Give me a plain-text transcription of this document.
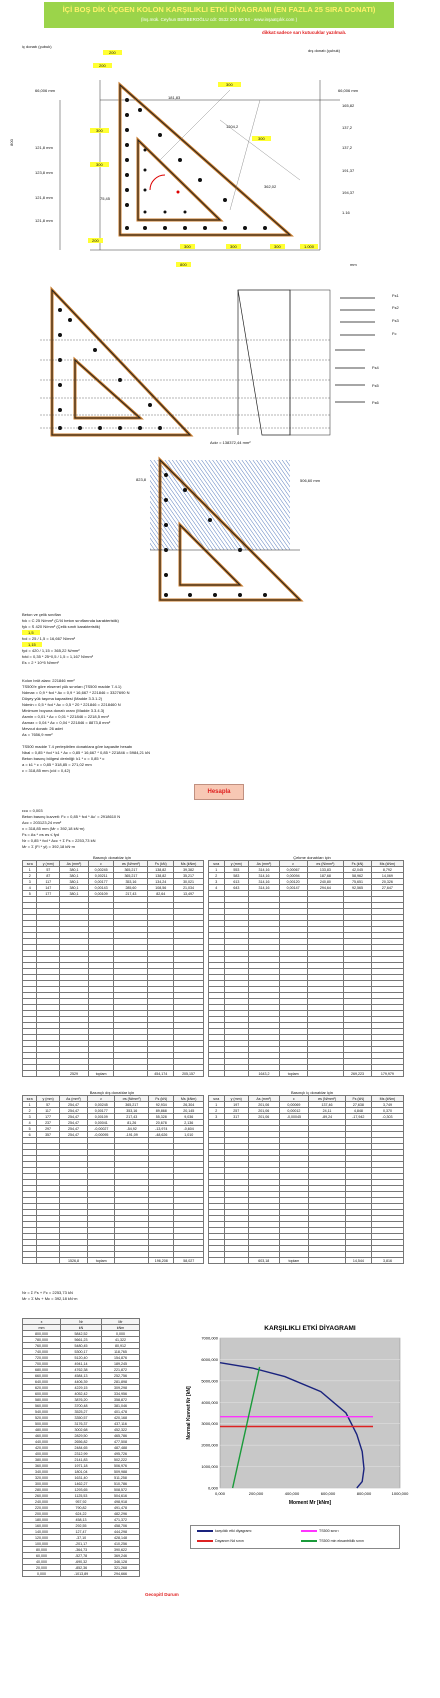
İÇİ BOŞ DİK ÜÇGEN KOLON KARŞILIKLI ETKİ DİYAGRAMI (EN FAZLA 25 SIRA DONATI)
(İnş.mük. Ceyhun BERBEROĞLU cdr: 0532 204 60 54 - www.inşaatçılık.com )
dikkat:sadece sarı kutucuklar yazılmalı.
iç donatı (çubuk)
dış donatı (çubuk)
200
200
300
300
300
300
200
300	300	300	1.000
800
800
1204,2
362,02
181,83
75,45
mm
66,006 mm
121,8 mm
123,8 mm
121,8 mm
121,8 mm
66,006 mm
165,82
137,2
137,2
191,37
194,37
1.16
Fs1
Fs2
Fs3
Fc
Fs4
Fs5
Fs6
Ackr = 138372,44 mm²
506,60 mm
823,8
Beton ve çelik sınıfları
fck = C 25 N/mm² (C/I4 beton sınıflarında karakteristik)
fyk = S 420 N/mm² (Çelik sınıfı karakteristik)
1,5
fcd = 25 / 1,5 = 16,667 N/mm²
1,15
fyd = 420 / 1,15 = 365,22 N/mm²
fctd = 0,35 * 25^0,5 / 1,5 = 1,167 N/mm²
Es = 2 * 10^5 N/mm²
Kolon brüt alanı: 221846 mm²
TS500'e göre eksenel yük sınırları (TS500 madde 7.4.1)
Ndmax = 0,9 * fcd * Ac = 0,9 * 16,667 * 221846 = 3327690 N
Düşey yük taşıma kapasitesi (Madde 3.3.1.2)
Ndmin = 0,5 * fcd * Ac = 0,5 * 20 * 221846 = 2218460 N
Minimum boyuna donatı oranı (Madde 3.3.4.3)
Asmin = 0,01 * Ac = 0,01 * 221846 = 2218,5 mm²
Asmax = 0,04 * Ac = 0,04 * 221846 = 8873,8 mm²
Mevcut donatı: 26 adet
As = 7656,9 mm²
TS500 madde 7.4 yerleştirilen donatılara göre kapasite hesabı
Nbal = 0,85 * fcd * k1 * Ac = 0,85 * 16,667 * 0,85 * 221846 = 5984,21 kN
Beton basınç bölgesi derinliği: k1 * c = 0,85 * c
a = k1 * c = 0,85 * 318,85 = 271,02 mm
c = 318,85 mm (c/d = 0,42)
Hesapla
εcu = 0,003
Beton basınç kuvveti: Fc = 0,85 * fcd * Ac' = 2918610 N
Acc = 203123,24 mm²
x = 318,85 mm (Mr = 392,18 kN·m)
Fs = As * σs σs ≤ fyd
Nr = 0,85 * fcd * Acc + Σ Fs = 2253,73 kN
Mr = Σ (Fi * yi) = 392,18 kN·m
Basınçlı donatılar için	Çekme donatıları için
sıra	y (mm)	As (mm²)	ε	σs (N/mm²)	Fs (kN)	Ms (kNm)
1	57	380,1	0,00245	365,217	138,82	39,382
2	87	380,1	0,00211	365,217	138,82	35,217
3	117	380,1	0,00177	353,16	134,24	30,021
4	147	380,1	0,00143	285,60	108,56	21,034
5	177	380,1	0,00109	217,43	82,64	13,497

		2529	toplam		454,174	205,157
sıra	y (mm)	As (mm²)	ε	σs (N/mm²)	Fs (kN)	Ms (kNm)
1	553	314,16	0,00067	133,83	42,045	8,792
2	583	314,16	0,00094	187,68	58,962	14,069
3	613	314,16	0,00120	240,80	75,651	20,326
4	643	314,16	0,00147	294,64	92,565	27,647

		1643,2	toplam		269,223	179,979
Basınçlı dış donatılar için	Basınçlı iç donatılar için
sıra	y (mm)	As (mm²)	ε	σs (N/mm²)	Fs (kN)	Ms (kNm)
1	57	254,47	0,00245	365,217	92,934	26,304
2	117	254,47	0,00177	353,16	89,868	20,145
3	177	254,47	0,00109	217,43	55,328	9,036
4	237	254,47	0,00041	81,26	20,678	2,136
5	297	254,47	-0,00027	-54,92	-13,974	-0,604
6	357	254,47	-0,00095	-191,09	-48,626	1,010

		1526,8	toplam		196,208	58,027
sıra	y (mm)	As (mm²)	ε	σs (N/mm²)	Fs (kN)	Ms (kNm)
1	197	201,06	0,00069	137,46	27,638	3,749
2	257	201,06	0,00012	24,11	4,848	0,370
3	317	201,06	-0,00045	-89,24	-17,942	-0,303

		603,18	toplam		14,544	3,816
Nr = Σ Fs + Fc = 2253,73 kN
Mr = Σ Ms + Mc = 392,18 kN·m
x	Nr	Mr
mm	kN	kNm
800,000	5842,52	0,000
780,000	5661,23	41,322
760,000	5480,45	80,912
740,000	5300,17	118,765
720,000	5120,40	154,876
700,000	4941,14	189,245
680,000	4762,38	221,872
660,000	4584,13	252,756
640,000	4406,39	281,898
620,000	4229,15	309,298
600,000	4052,42	334,956
580,000	3876,20	358,872
560,000	3700,48	381,046
540,000	3525,27	401,478
520,000	3350,57	420,168
500,000	3176,37	437,116
480,000	3002,68	452,322
460,000	2829,50	465,786
440,000	2656,82	477,508
420,000	2484,65	487,488
400,000	2312,99	495,726
380,000	2141,83	502,222
360,000	1971,18	506,976
340,000	1801,04	509,988
320,000	1631,40	511,258
300,000	1462,27	510,786
280,000	1293,65	508,572
260,000	1125,53	504,616
240,000	957,92	498,918
220,000	790,82	491,478
200,000	624,22	482,296
180,000	458,13	471,372
160,000	292,55	458,706
140,000	127,47	444,298
120,000	-37,10	428,148
100,000	-201,17	410,256
80,000	-364,73	390,622
60,000	-527,78	369,246
40,000	-690,32	346,128
20,000	-852,36	321,268
0,000	-1013,89	294,666
Gecopitl Durum
KARŞILIKLI ETKİ DİYAGRAMI
0,000
1000,000
2000,000
3000,000
4000,000
5000,000
6000,000
7000,000
0,000	200,000	400,000	600,000	800,000	1000,000
Moment Mr [kNm]
Normal Kuvvet Nr [kN]
karşılıklı etki diyagramı	TS500 sınırı
Dayanım Nd sınırı	TS500 min eksantriklik sınırı
